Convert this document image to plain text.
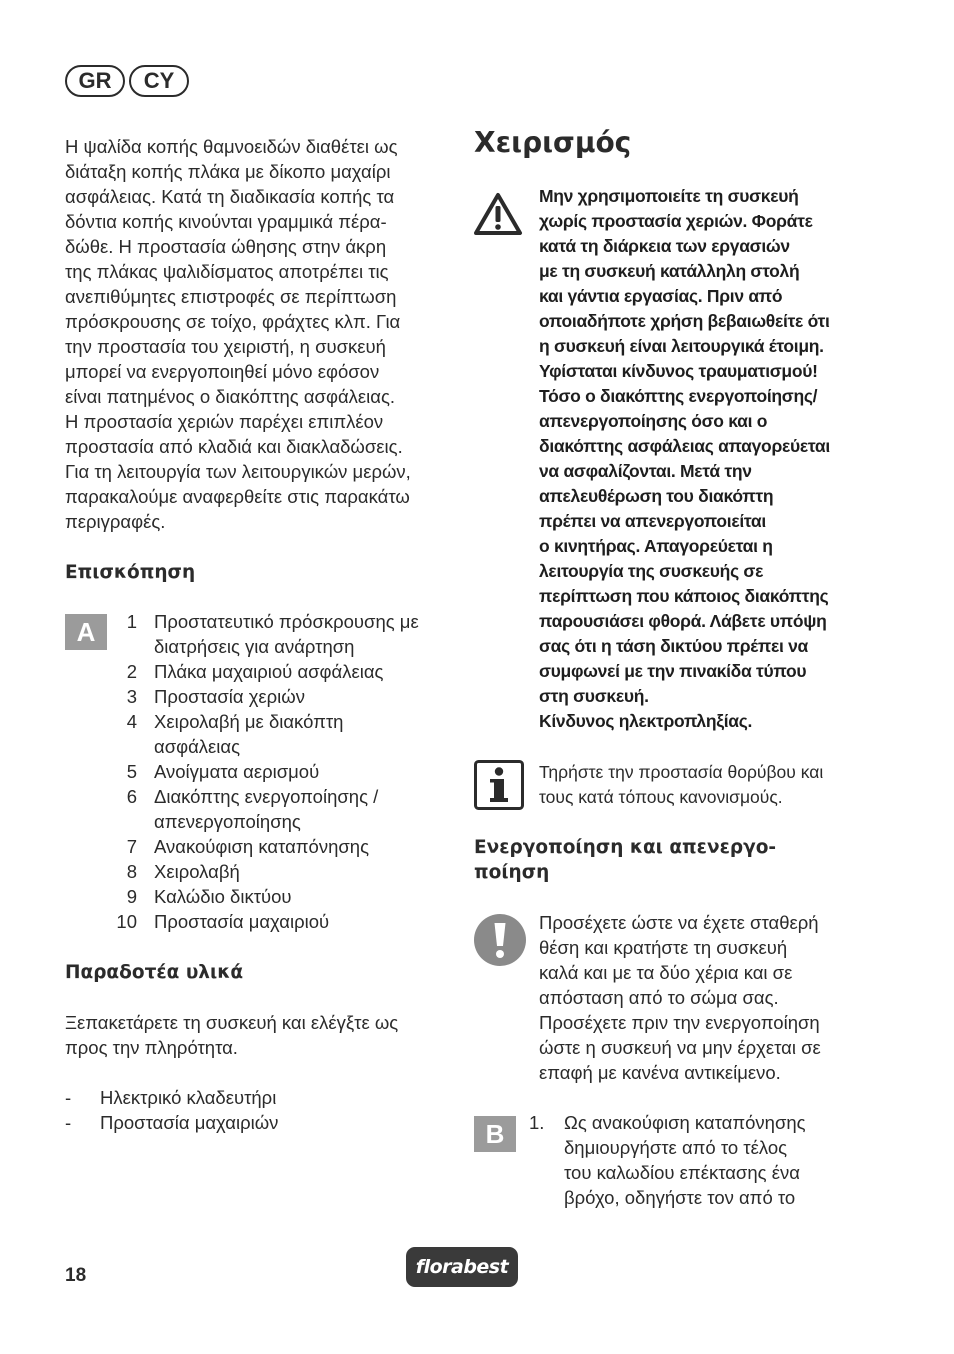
GR CY

Η ψαλίδα κοπής θαμνοειδών διαθέτει ως

διάταξη κοπής πλάκα με δίκοπο μαχαίρι

ασφάλειας. Κατά τη διαδικασία κοπής τα

δόντια κοπής κινούνται γραμμικά πέρα-

δώθε. Η προστασία ώθησης στην άκρη

της πλάκας ψαλιδίσματος αποτρέπει τις

ανεπιθύμητες επιστροφές σε περίπτωση

πρόσκρουσης σε τοίχο, φράχτες κλπ. Για

την προστασία του χειριστή, η συσκευή

μπορεί να ενεργοποιηθεί μόνο εφόσον

είναι πατημένος ο διακόπτης ασφάλειας.

Η προστασία χεριών παρέχει επιπλέον

προστασία από κλαδιά και διακλαδώσεις.

Για τη λειτουργία των λειτουργικών μερών,

παρακαλούμε αναφερθείτε στις παρακάτω

περιγραφές.

Επισκόπηση
A	1 Προστατευτικό πρόσκρουσης με
διατρήσεις για ανάρτηση
2 Πλάκα μαχαιριού ασφάλειας
3 Προστασία χεριών
4 Χειρολαβή με διακόπτη
ασφάλειας
5 Ανοίγματα αερισμού
6 Διακόπτης ενεργοποίησης /
απενεργοποίησης
7 Ανακούφιση καταπόνησης
8 Χειρολαβή
9 Καλώδιο δικτύου
10 Προστασία μαχαιριού
Παραδοτέα υλικά

Ξεπακετάρετε τη συσκευή και ελέγξτε ως

προς την πληρότητα.

-	Ηλεκτρικό κλαδευτήρι
-	Προστασία μαχαιριών
Χειρισμός

Μην χρησιμοποιείτε τη συσκευή

χωρίς προστασία χεριών. Φοράτε

κατά τη διάρκεια των εργασιών

με τη συσκευή κατάλληλη στολή

και γάντια εργασίας. Πριν από

οποιαδήποτε χρήση βεβαιωθείτε ότι

η συσκευή είναι λειτουργικά έτοιμη.

Υφίσταται κίνδυνος τραυματισμού!

Τόσο ο διακόπτης ενεργοποίησης/

απενεργοποίησης όσο και ο

διακόπτης ασφάλειας απαγορεύεται

να ασφαλίζονται. Μετά την

απελευθέρωση του διακόπτη

πρέπει να απενεργοποιείται

ο κινητήρας. Απαγορεύεται η

λειτουργία της συσκευής σε

περίπτωση που κάποιος διακόπτης

παρουσιάσει φθορά. Λάβετε υπόψη

σας ότι η τάση δικτύου πρέπει να

συμφωνεί με την πινακίδα τύπου

στη συσκευή.

Κίνδυνος ηλεκτροπληξίας.

Τηρήστε την προστασία θορύβου και

τους κατά τόπους κανονισμούς.

Ενεργοποίηση και απενεργο-
ποίηση

Προσέχετε ώστε να έχετε σταθερή

θέση και κρατήστε τη συσκευή

καλά και με τα δύο χέρια και σε

απόσταση από το σώμα σας.

Προσέχετε πριν την ενεργοποίηση

ώστε η συσκευή να μην έρχεται σε

επαφή με κανένα αντικείμενο.

B 1. Ως ανακούφιση καταπόνησης

δημιουργήστε από το τέλος

του καλωδίου επέκτασης ένα

βρόχο, οδηγήστε τον από το

18	florabest
